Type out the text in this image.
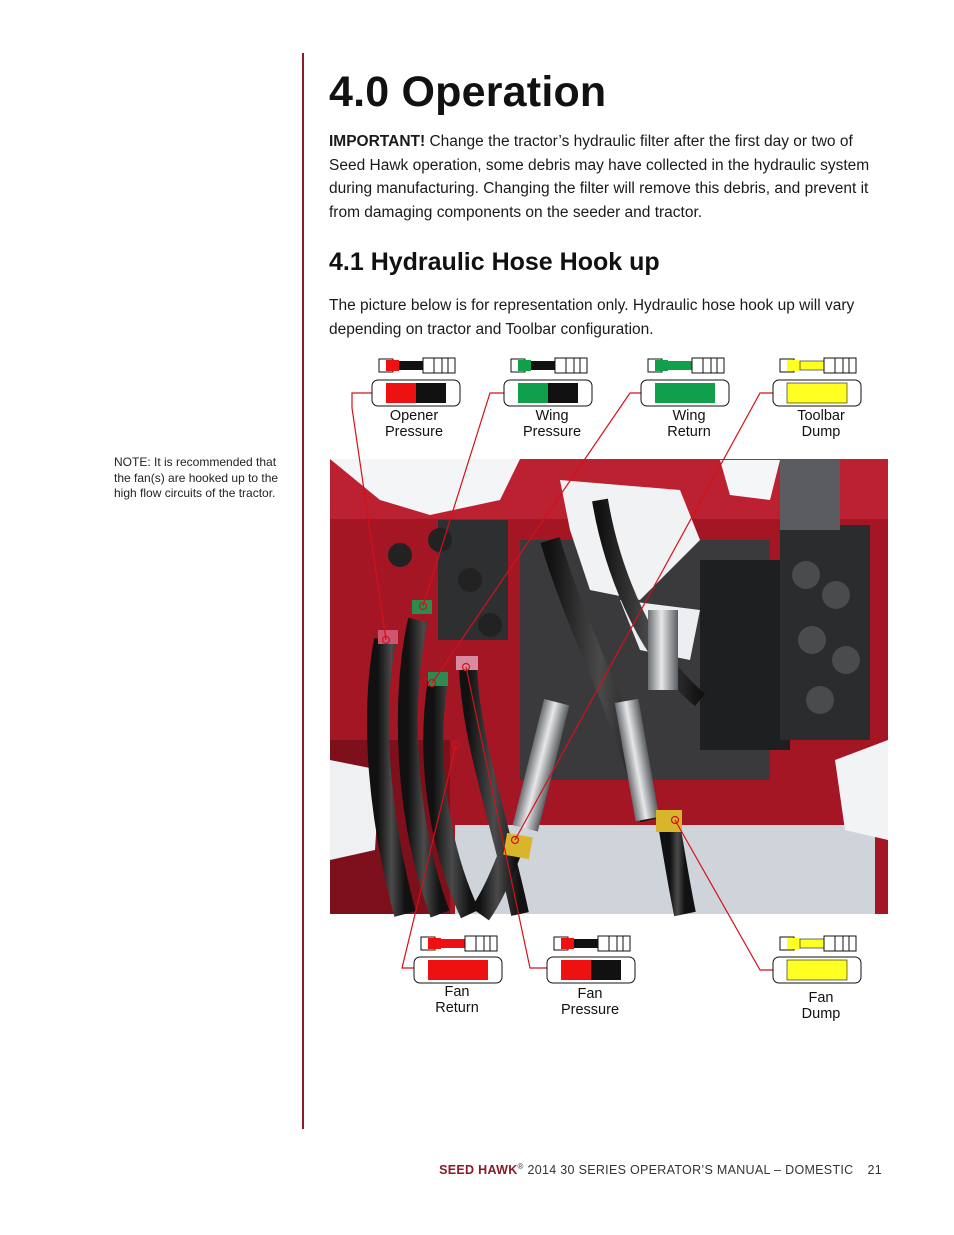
NOTE: It is recommended that the fan(s) are hooked up to the high flow circuits of the tractor.
4.0 Operation

IMPORTANT! Change the tractor’s hydraulic filter after the first day or two of Seed Hawk operation, some debris may have collected in the hydraulic system during manufacturing. Changing the filter will remove this debris, and prevent it from damaging components on the seeder and tractor.

4.1 Hydraulic Hose Hook up

The picture below is for representation only. Hydraulic hose hook up will vary depending on tractor and Toolbar configuration.

Opener
Pressure
Wing
Pressure
Wing
Return
Toolbar
Dump
Fan
Return
Fan
Pressure
Fan
Dump
SEED HAWK® 2014 30 SERIES OPERATOR’S MANUAL – DOMESTIC 21
